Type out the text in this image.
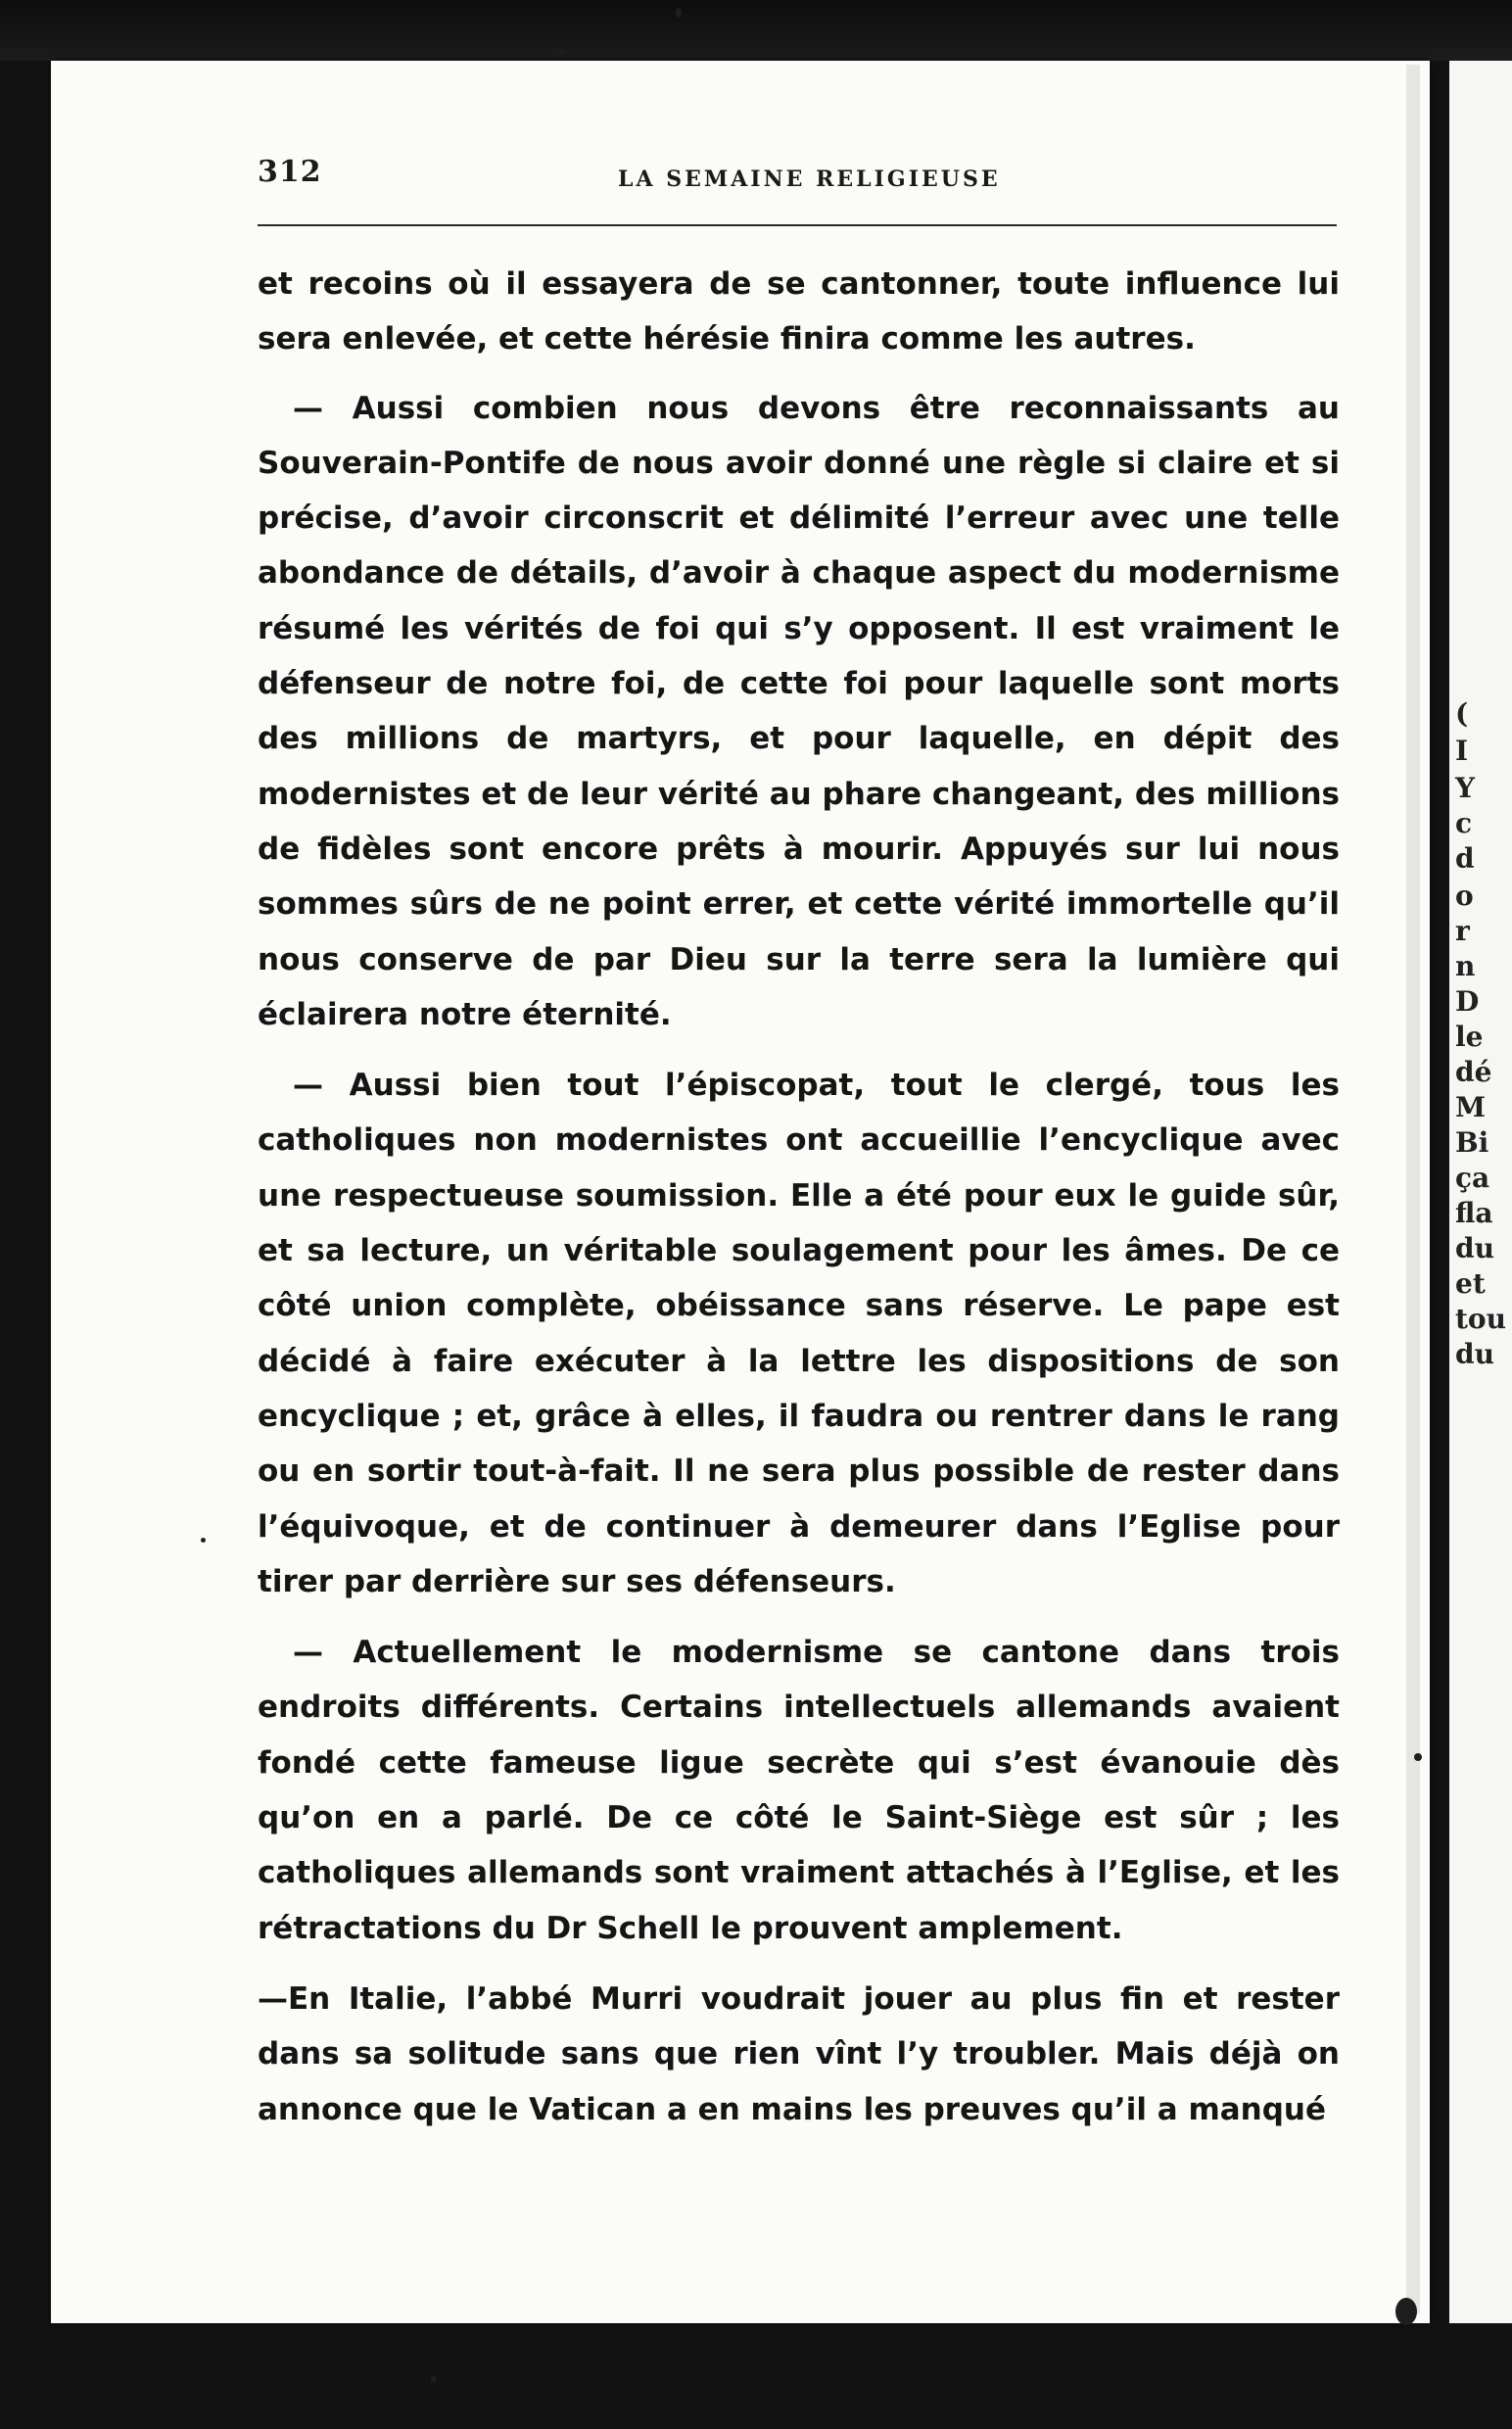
(
I
Y
c
d
o
r
n
D
le
dé
M
Bi
ça
fla
du
et
tou
du
312	LA SEMAINE RELIGIEUSE

et recoins où il essayera de se cantonner, toute influence lui sera enlevée, et cette hérésie finira comme les autres.

— Aussi combien nous devons être reconnaissants au Souverain-Pontife de nous avoir donné une règle si claire et si précise, d’avoir circonscrit et délimité l’erreur avec une telle abondance de détails, d’avoir à chaque aspect du modernisme résumé les vérités de foi qui s’y opposent. Il est vraiment le défenseur de notre foi, de cette foi pour laquelle sont morts des millions de martyrs, et pour laquelle, en dépit des modernistes et de leur vérité au phare changeant, des millions de fidèles sont encore prêts à mourir. Appuyés sur lui nous sommes sûrs de ne point errer, et cette vérité immortelle qu’il nous conserve de par Dieu sur la terre sera la lumière qui éclairera notre éternité.

— Aussi bien tout l’épiscopat, tout le clergé, tous les catholiques non modernistes ont accueillie l’encyclique avec une respectueuse soumission. Elle a été pour eux le guide sûr, et sa lecture, un véritable soulagement pour les âmes. De ce côté union complète, obéissance sans réserve. Le pape est décidé à faire exécuter à la lettre les dispositions de son encyclique ; et, grâce à elles, il faudra ou rentrer dans le rang ou en sortir tout-à-fait. Il ne sera plus possible de rester dans l’équivoque, et de continuer à demeurer dans l’Eglise pour tirer par derrière sur ses défenseurs.

— Actuellement le modernisme se cantone dans trois endroits différents. Certains intellectuels allemands avaient fondé cette fameuse ligue secrète qui s’est évanouie dès qu’on en a parlé. De ce côté le Saint-Siège est sûr ; les catholiques allemands sont vraiment attachés à l’Eglise, et les rétractations du Dr Schell le prouvent amplement.

—En Italie, l’abbé Murri voudrait jouer au plus fin et rester dans sa solitude sans que rien vînt l’y troubler. Mais déjà on annonce que le Vatican a en mains les preuves qu’il a manqué
